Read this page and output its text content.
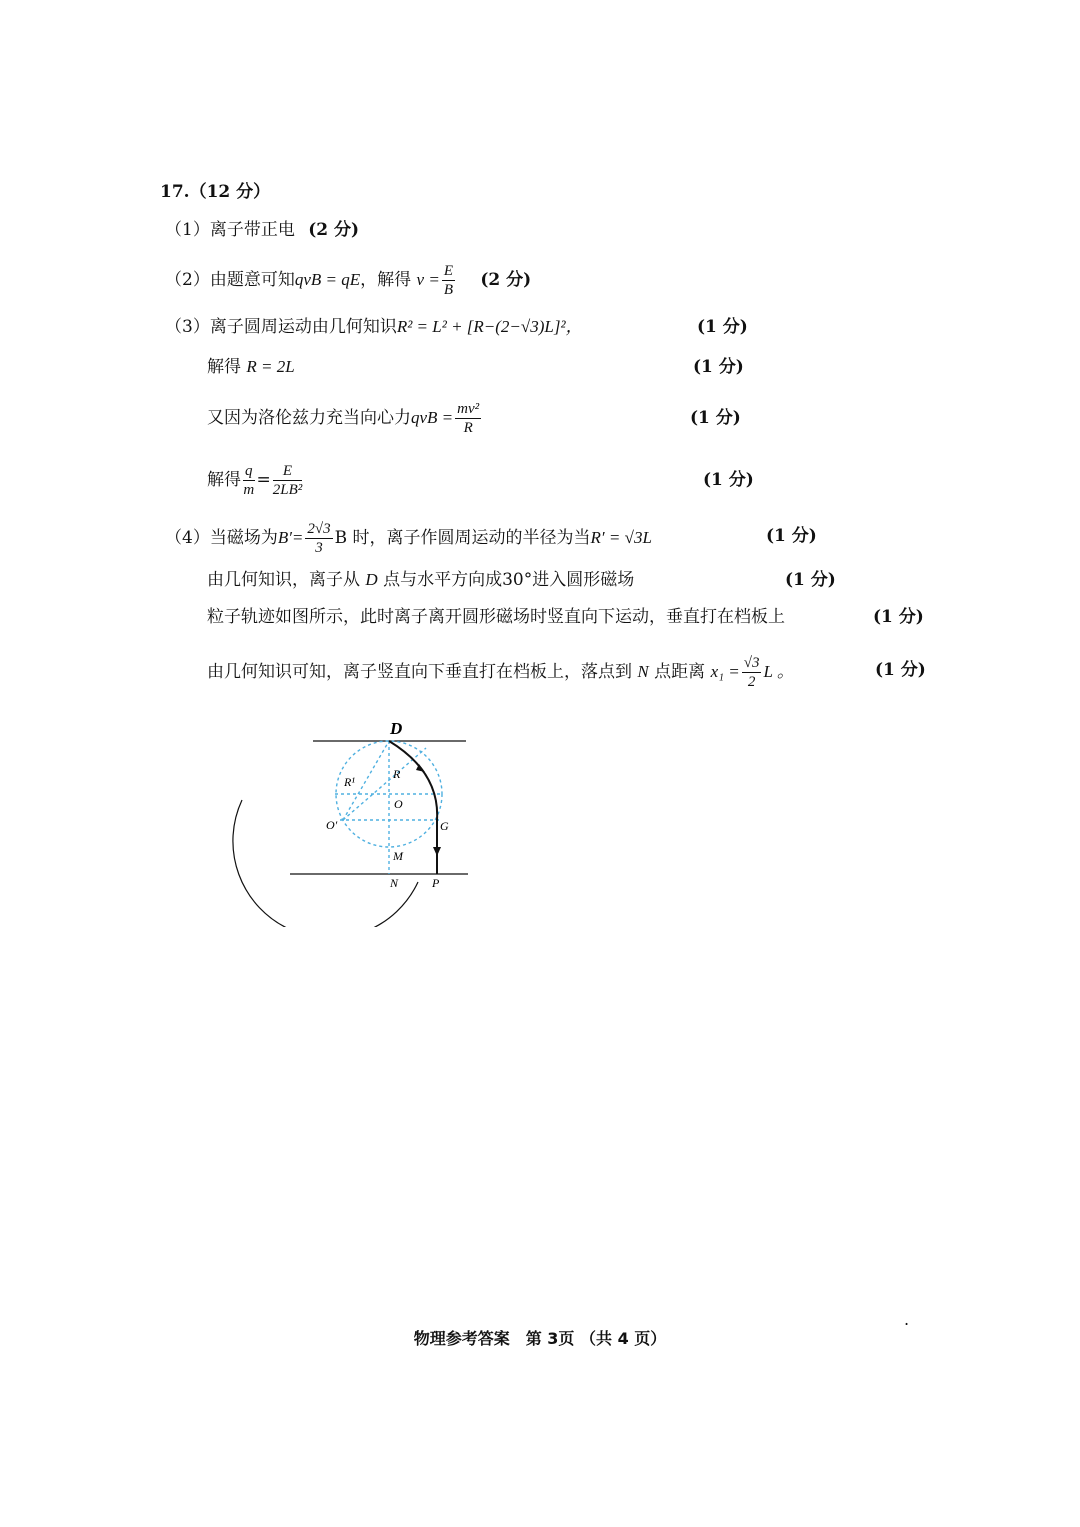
17.（12 分）
（1）离子带正电 (2 分)
（2）由题意可知qvB = qE，解得 $v = \frac{E}{B} (2$ 分)
（3）离子圆周运动由几何知识R² = L² + [R−(2−√3)L]²，	(1 分)
解得 R = 2L	(1 分)
又因为洛伦兹力充当向心力qvB = $\frac{\text{mv²}}{R}$	(1 分)
解得 $\frac{q}{m} = \frac{E}{\text{2LB²}}$	(1 分)
（4）当磁场为$B'= \frac{2√3}{3}$ B 时，离子作圆周运动的半径为当R′ = √3L	(1 分)
由几何知识，离子从 D 点与水平方向成30°进入圆形磁场	(1 分)
粒子轨迹如图所示，此时离子离开圆形磁场时竖直向下运动，垂直打在档板上	(1 分)
由几何知识可知，离子竖直向下垂直打在档板上，落点到 N 点距离 $x_1 = \frac{√3}{2}$ L 。	(1 分)
D
R
R¹
O
O′	G
M
N	P
.
物理参考答案　第 3页 （共 4 页）
